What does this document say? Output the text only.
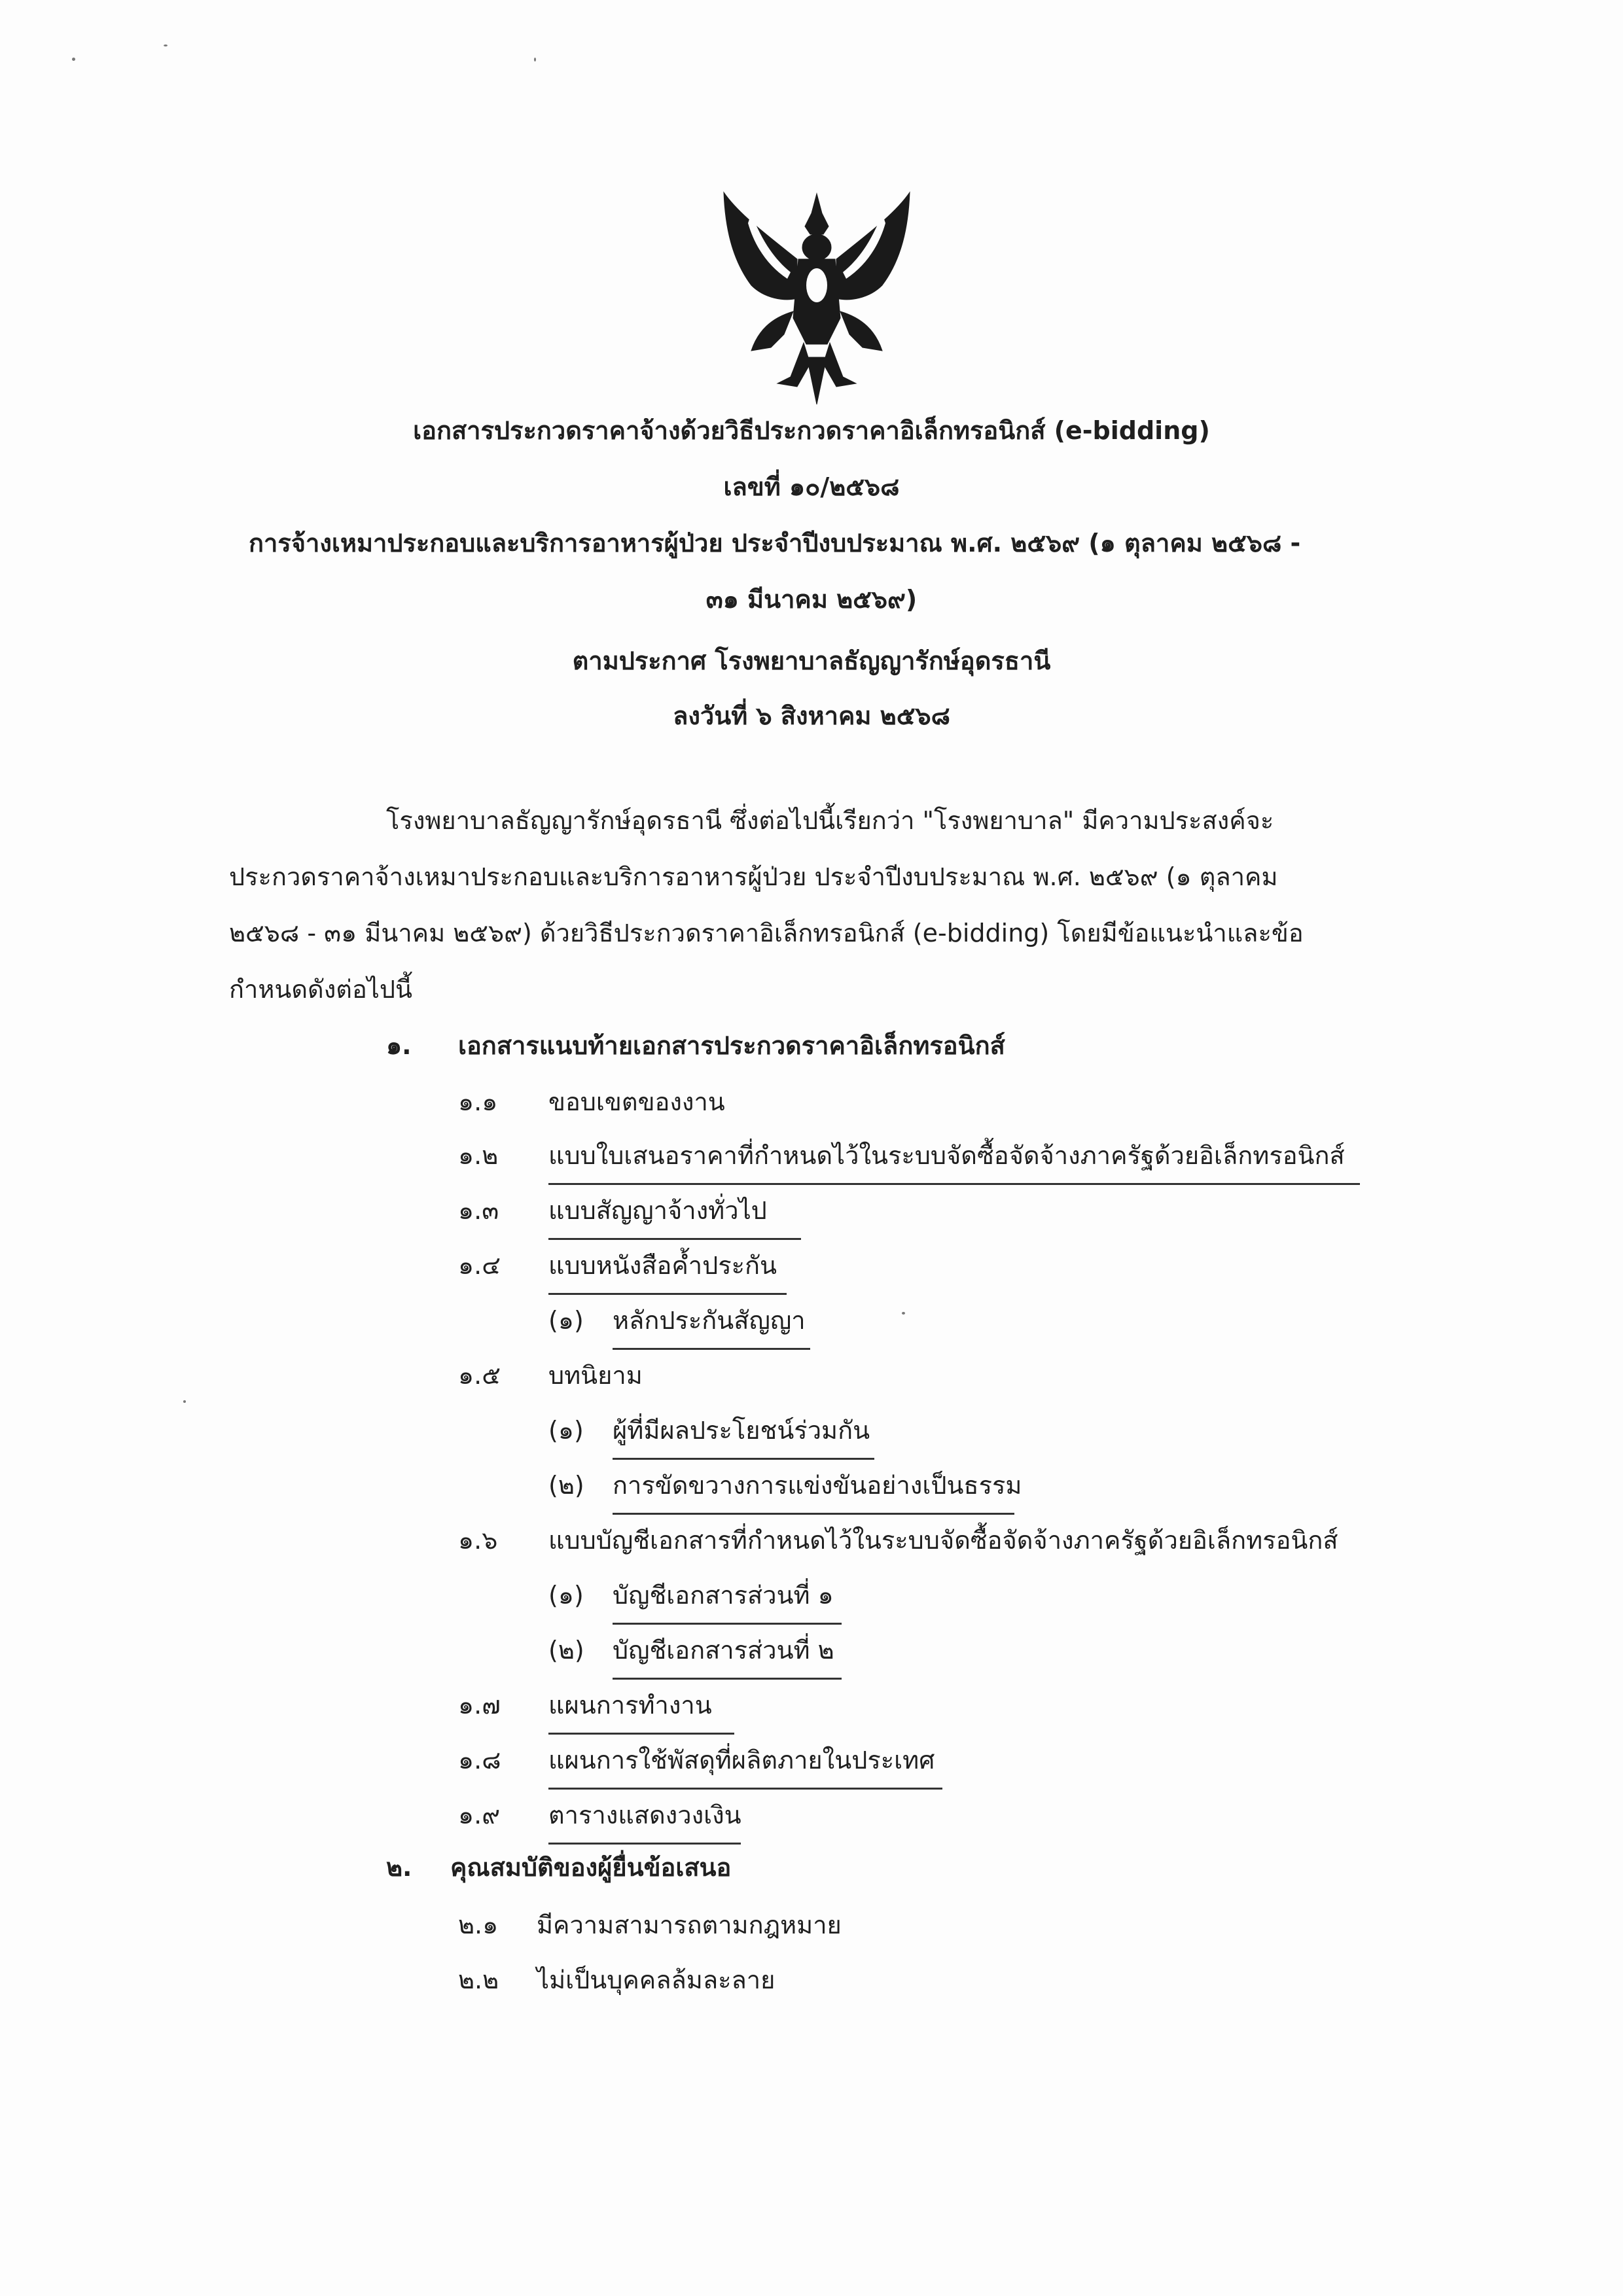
เอกสารประกวดราคาจ้างด้วยวิธีประกวดราคาอิเล็กทรอนิกส์ (e-bidding)
เลขที่ ๑๐/๒๕๖๘
การจ้างเหมาประกอบและบริการอาหารผู้ป่วย ประจำปีงบประมาณ พ.ศ. ๒๕๖๙ (๑ ตุลาคม ๒๕๖๘ -
๓๑ มีนาคม ๒๕๖๙)
ตามประกาศ โรงพยาบาลธัญญารักษ์อุดรธานี
ลงวันที่ ๖ สิงหาคม ๒๕๖๘
โรงพยาบาลธัญญารักษ์อุดรธานี ซึ่งต่อไปนี้เรียกว่า "โรงพยาบาล" มีความประสงค์จะ
ประกวดราคาจ้างเหมาประกอบและบริการอาหารผู้ป่วย ประจำปีงบประมาณ พ.ศ. ๒๕๖๙ (๑ ตุลาคม
๒๕๖๘ - ๓๑ มีนาคม ๒๕๖๙) ด้วยวิธีประกวดราคาอิเล็กทรอนิกส์ (e-bidding) โดยมีข้อแนะนำและข้อ
กำหนดดังต่อไปนี้
๑. เอกสารแนบท้ายเอกสารประกวดราคาอิเล็กทรอนิกส์
๑.๑ ขอบเขตของงาน
๑.๒ แบบใบเสนอราคาที่กำหนดไว้ในระบบจัดซื้อจัดจ้างภาครัฐด้วยอิเล็กทรอนิกส์
๑.๓ แบบสัญญาจ้างทั่วไป
๑.๔ แบบหนังสือค้ำประกัน
(๑) หลักประกันสัญญา
๑.๕ บทนิยาม
(๑) ผู้ที่มีผลประโยชน์ร่วมกัน
(๒) การขัดขวางการแข่งขันอย่างเป็นธรรม
๑.๖ แบบบัญชีเอกสารที่กำหนดไว้ในระบบจัดซื้อจัดจ้างภาครัฐด้วยอิเล็กทรอนิกส์
(๑) บัญชีเอกสารส่วนที่ ๑
(๒) บัญชีเอกสารส่วนที่ ๒
๑.๗ แผนการทำงาน
๑.๘ แผนการใช้พัสดุที่ผลิตภายในประเทศ
๑.๙ ตารางแสดงวงเงิน
๒. คุณสมบัติของผู้ยื่นข้อเสนอ
๒.๑ มีความสามารถตามกฎหมาย
๒.๒ ไม่เป็นบุคคลล้มละลาย
